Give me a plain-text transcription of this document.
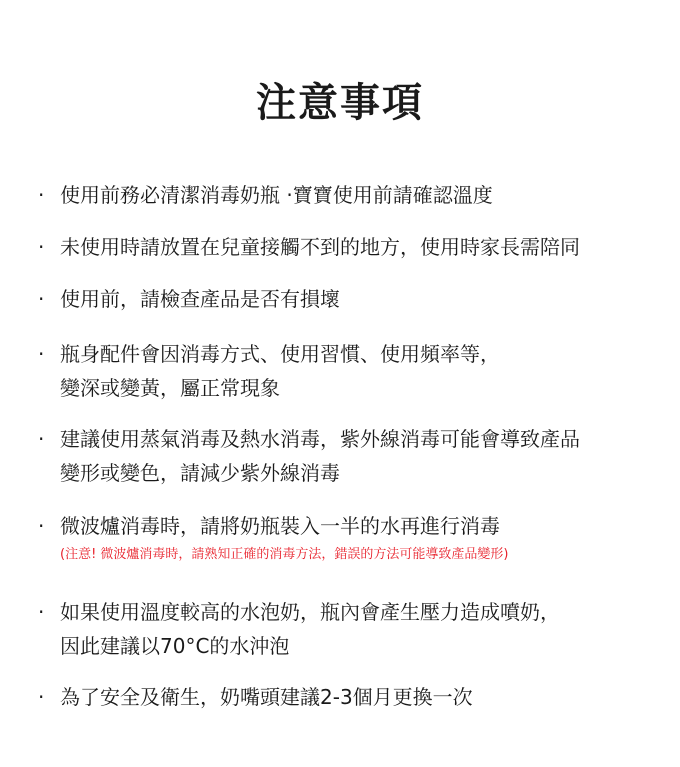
注意事項
· 使用前務必清潔消毒奶瓶 ·寶寶使用前請確認溫度
· 未使用時請放置在兒童接觸不到的地方，使用時家長需陪同
· 使用前，請檢查產品是否有損壞
· 瓶身配件會因消毒方式、使用習慣、使用頻率等，
變深或變黃，屬正常現象
· 建議使用蒸氣消毒及熱水消毒，紫外線消毒可能會導致產品
變形或變色，請減少紫外線消毒
· 微波爐消毒時，請將奶瓶裝入一半的水再進行消毒
(注意! 微波爐消毒時，請熟知正確的消毒方法，錯誤的方法可能導致產品變形)
· 如果使用溫度較高的水泡奶，瓶內會產生壓力造成噴奶，
因此建議以70°C的水沖泡
· 為了安全及衛生，奶嘴頭建議2-3個月更換一次
